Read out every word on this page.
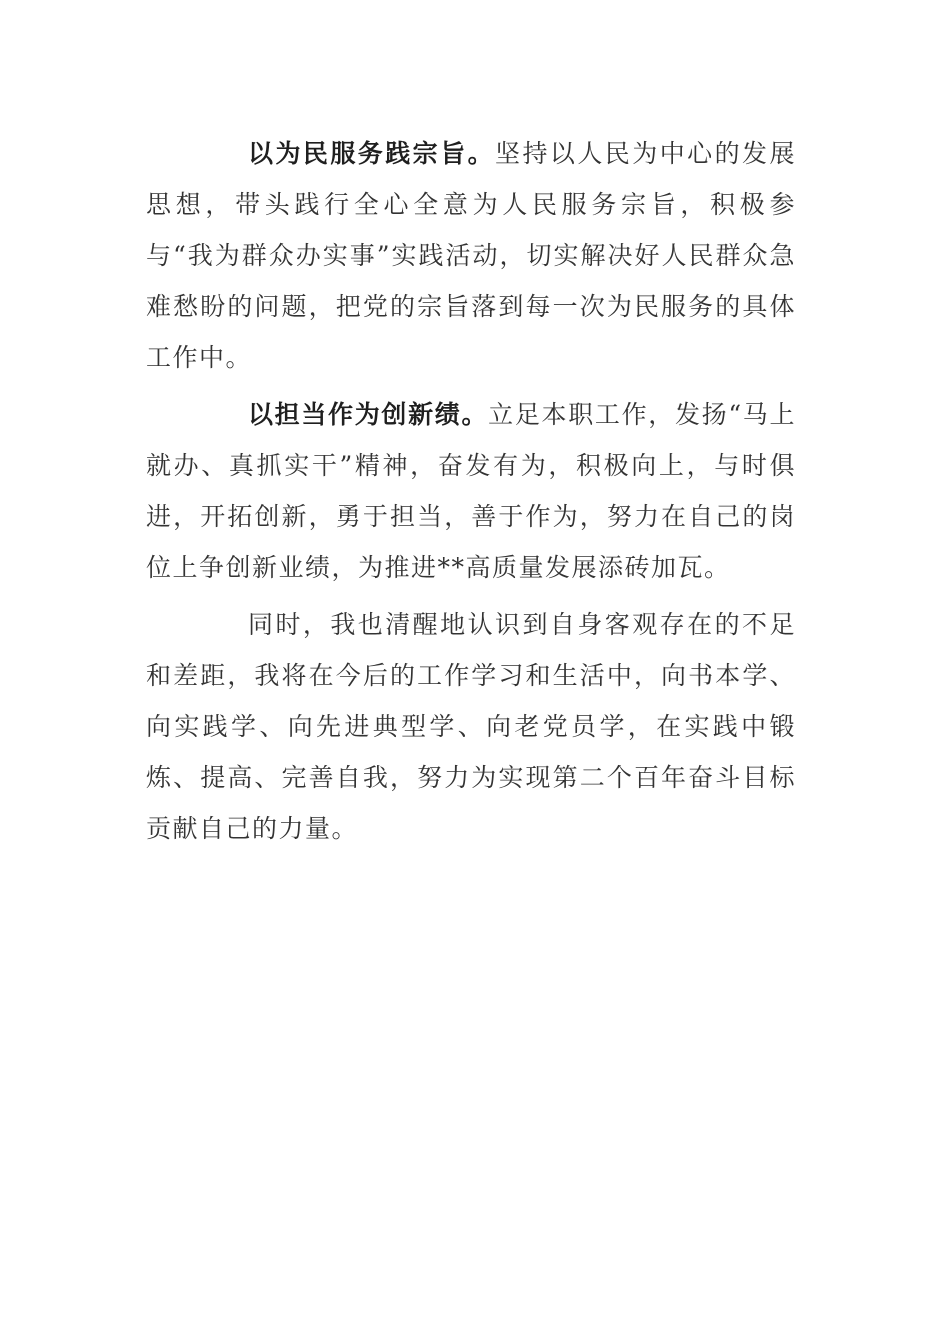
以为民服务践宗旨。坚持以人民为中心的发展思想，带头践行全心全意为人民服务宗旨，积极参与“我为群众办实事”实践活动，切实解决好人民群众急难愁盼的问题，把党的宗旨落到每一次为民服务的具体工作中。

以担当作为创新绩。立足本职工作，发扬“马上就办、真抓实干”精神，奋发有为，积极向上，与时俱进，开拓创新，勇于担当，善于作为，努力在自己的岗位上争创新业绩，为推进**高质量发展添砖加瓦。

同时，我也清醒地认识到自身客观存在的不足和差距，我将在今后的工作学习和生活中，向书本学、向实践学、向先进典型学、向老党员学，在实践中锻炼、提高、完善自我，努力为实现第二个百年奋斗目标贡献自己的力量。
